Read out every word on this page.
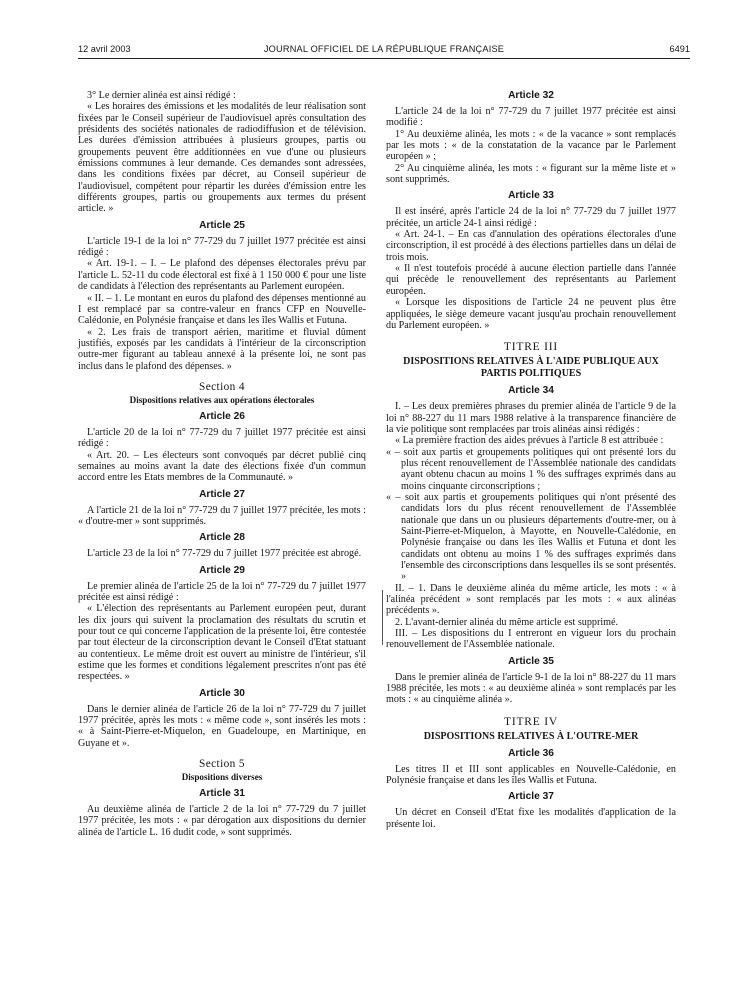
12 avril 2003	JOURNAL OFFICIEL DE LA RÉPUBLIQUE FRANÇAISE	6491

3° Le dernier alinéa est ainsi rédigé :

« Les horaires des émissions et les modalités de leur réalisation sont fixées par le Conseil supérieur de l'audiovisuel après consultation des présidents des sociétés nationales de radiodiffusion et de télévision. Les durées d'émission attribuées à plusieurs groupes, partis ou groupements peuvent être additionnées en vue d'une ou plusieurs émissions communes à leur demande. Ces demandes sont adressées, dans les conditions fixées par décret, au Conseil supérieur de l'audiovisuel, compétent pour répartir les durées d'émission entre les différents groupes, partis ou groupements aux termes du présent article. »

Article 25

L'article 19-1 de la loi n° 77-729 du 7 juillet 1977 précitée est ainsi rédigé :

« Art. 19-1. – I. – Le plafond des dépenses électorales prévu par l'article L. 52-11 du code électoral est fixé à 1 150 000 € pour une liste de candidats à l'élection des représentants au Parlement européen.

« II. – 1. Le montant en euros du plafond des dépenses mentionné au I est remplacé par sa contre-valeur en francs CFP en Nouvelle-Calédonie, en Polynésie française et dans les îles Wallis et Futuna.

« 2. Les frais de transport aérien, maritime et fluvial dûment justifiés, exposés par les candidats à l'intérieur de la circonscription outre-mer figurant au tableau annexé à la présente loi, ne sont pas inclus dans le plafond des dépenses. »

Section 4
Dispositions relatives aux opérations électorales
Article 26

L'article 20 de la loi n° 77-729 du 7 juillet 1977 précitée est ainsi rédigé :

« Art. 20. – Les électeurs sont convoqués par décret publié cinq semaines au moins avant la date des élections fixée d'un commun accord entre les Etats membres de la Communauté. »

Article 27

A l'article 21 de la loi n° 77-729 du 7 juillet 1977 précitée, les mots : « d'outre-mer » sont supprimés.

Article 28

L'article 23 de la loi n° 77-729 du 7 juillet 1977 précitée est abrogé.

Article 29

Le premier alinéa de l'article 25 de la loi n° 77-729 du 7 juillet 1977 précitée est ainsi rédigé :

« L'élection des représentants au Parlement européen peut, durant les dix jours qui suivent la proclamation des résultats du scrutin et pour tout ce qui concerne l'application de la présente loi, être contestée par tout électeur de la circonscription devant le Conseil d'Etat statuant au contentieux. Le même droit est ouvert au ministre de l'intérieur, s'il estime que les formes et conditions légalement prescrites n'ont pas été respectées. »

Article 30

Dans le dernier alinéa de l'article 26 de la loi n° 77-729 du 7 juillet 1977 précitée, après les mots : « même code », sont insérés les mots : « à Saint-Pierre-et-Miquelon, en Guadeloupe, en Martinique, en Guyane et ».

Section 5
Dispositions diverses
Article 31

Au deuxième alinéa de l'article 2 de la loi n° 77-729 du 7 juillet 1977 précitée, les mots : « par dérogation aux dispositions du dernier alinéa de l'article L. 16 dudit code, » sont supprimés.

Article 32

L'article 24 de la loi n° 77-729 du 7 juillet 1977 précitée est ainsi modifié :

1° Au deuxième alinéa, les mots : « de la vacance » sont remplacés par les mots : « de la constatation de la vacance par le Parlement européen » ;

2° Au cinquième alinéa, les mots : « figurant sur la même liste et » sont supprimés.

Article 33

Il est inséré, après l'article 24 de la loi n° 77-729 du 7 juillet 1977 précitée, un article 24-1 ainsi rédigé :

« Art. 24-1. – En cas d'annulation des opérations électorales d'une circonscription, il est procédé à des élections partielles dans un délai de trois mois.

« Il n'est toutefois procédé à aucune élection partielle dans l'année qui précède le renouvellement des représentants au Parlement européen.

« Lorsque les dispositions de l'article 24 ne peuvent plus être appliquées, le siège demeure vacant jusqu'au prochain renouvellement du Parlement européen. »

TITRE III
DISPOSITIONS RELATIVES À L'AIDE PUBLIQUE AUX PARTIS POLITIQUES
Article 34

I. – Les deux premières phrases du premier alinéa de l'article 9 de la loi n° 88-227 du 11 mars 1988 relative à la transparence financière de la vie politique sont remplacées par trois alinéas ainsi rédigés :

« La première fraction des aides prévues à l'article 8 est attribuée :

« – soit aux partis et groupements politiques qui ont présenté lors du plus récent renouvellement de l'Assemblée nationale des candidats ayant obtenu chacun au moins 1 % des suffrages exprimés dans au moins cinquante circonscriptions ;

« – soit aux partis et groupements politiques qui n'ont présenté des candidats lors du plus récent renouvellement de l'Assemblée nationale que dans un ou plusieurs départements d'outre-mer, ou à Saint-Pierre-et-Miquelon, à Mayotte, en Nouvelle-Calédonie, en Polynésie française ou dans les îles Wallis et Futuna et dont les candidats ont obtenu au moins 1 % des suffrages exprimés dans l'ensemble des circonscriptions dans lesquelles ils se sont présentés. »

II. – 1. Dans le deuxième alinéa du même article, les mots : « à l'alinéa précédent » sont remplacés par les mots : « aux alinéas précédents ».

2. L'avant-dernier alinéa du même article est supprimé.

III. – Les dispositions du I entreront en vigueur lors du prochain renouvellement de l'Assemblée nationale.

Article 35

Dans le premier alinéa de l'article 9-1 de la loi n° 88-227 du 11 mars 1988 précitée, les mots : « au deuxième alinéa » sont remplacés par les mots : « au cinquième alinéa ».

TITRE IV
DISPOSITIONS RELATIVES À L'OUTRE-MER
Article 36

Les titres II et III sont applicables en Nouvelle-Calédonie, en Polynésie française et dans les îles Wallis et Futuna.

Article 37

Un décret en Conseil d'Etat fixe les modalités d'application de la présente loi.
